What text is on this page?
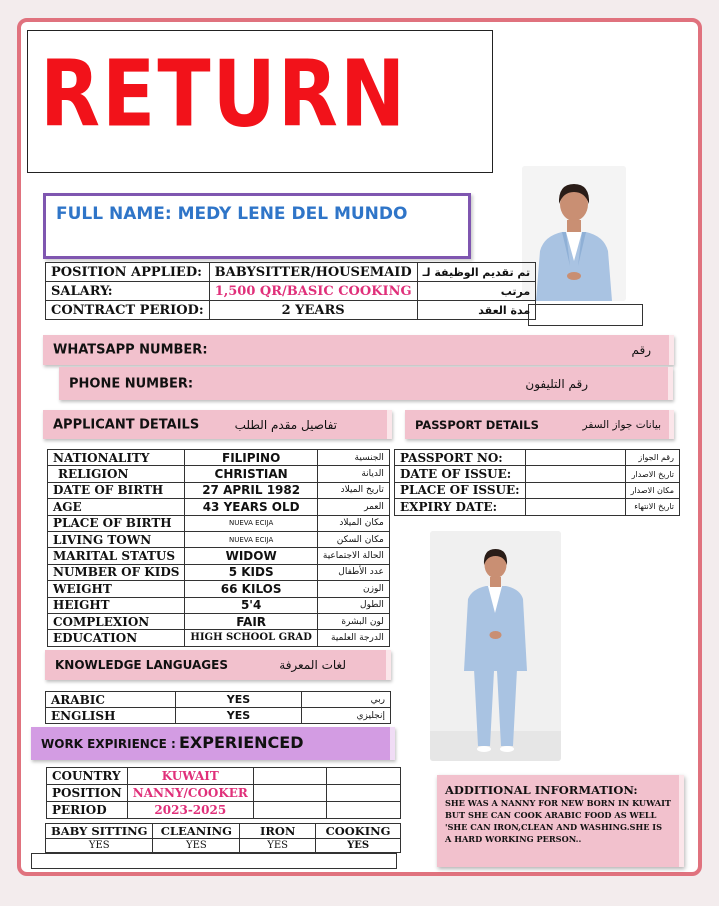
RETURN
FULL NAME: MEDY LENE DEL MUNDO
POSITION APPLIED:	BABYSITTER/HOUSEMAID	تم تقديم الوظيفة لـ
SALARY:	1,500 QR/BASIC COOKING	مرتب
CONTRACT PERIOD:	2 YEARS	مدة العقد
WHATSAPP NUMBER:	رقم
PHONE NUMBER:	رقم التليفون
APPLICANT DETAILS	تفاصيل مقدم الطلب	PASSPORT DETAILS	بيانات جواز السفر
NATIONALITY	FILIPINO	الجنسية
RELIGION	CHRISTIAN	الديانة
DATE OF BIRTH	27 APRIL 1982	تاريخ الميلاد
AGE	43 YEARS OLD	العمر
PLACE OF BIRTH	NUEVA ECIJA	مكان الميلاد
LIVING TOWN	NUEVA ECIJA	مكان السكن
MARITAL STATUS	WIDOW	الحالة الاجتماعية
NUMBER OF KIDS	5 KIDS	عدد الأطفال
WEIGHT	66 KILOS	الوزن
HEIGHT	5'4	الطول
COMPLEXION	FAIR	لون البشرة
EDUCATION	HIGH SCHOOL GRAD	الدرجة العلمية
PASSPORT NO:		رقم الجواز
DATE OF ISSUE:		تاريخ الاصدار
PLACE OF ISSUE:		مكان الاصدار
EXPIRY DATE:		تاريخ الانتهاء
KNOWLEDGE LANGUAGES	لغات المعرفة
ARABIC	YES	ربي
ENGLISH	YES	إنجليزي
WORK EXPIRIENCE : EXPERIENCED
COUNTRY	KUWAIT		
POSITION	NANNY/COOKER		
PERIOD	2023-2025		
BABY SITTING	CLEANING	IRON	COOKING
YES	YES	YES	YES
ADDITIONAL INFORMATION:
SHE WAS A NANNY FOR NEW BORN IN KUWAIT BUT SHE CAN COOK ARABIC FOOD AS WELL 'SHE CAN IRON,CLEAN AND WASHING.SHE IS A HARD WORKING PERSON..
